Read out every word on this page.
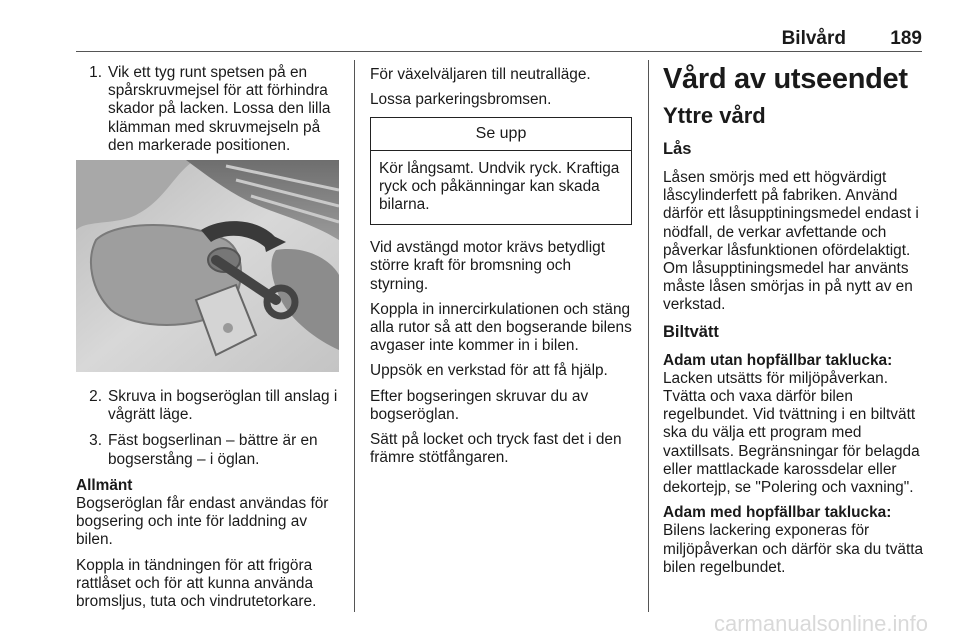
Bilvård	189
1. Vik ett tyg runt spetsen på en spårskruvmejsel för att förhindra skador på lacken. Lossa den lilla klämman med skruvmejseln på den markerade positionen.
2. Skruva in bogseröglan till anslag i vågrätt läge.
3. Fäst bogserlinan – bättre är en bogserstång – i öglan.

Allmänt
Bogseröglan får endast användas för bogsering och inte för laddning av bilen.

Koppla in tändningen för att frigöra rattlåset och för att kunna använda bromsljus, tuta och vindrutetorkare.

För växelväljaren till neutralläge.

Lossa parkeringsbromsen.

Se upp
Kör långsamt. Undvik ryck. Kraftiga ryck och påkänningar kan skada bilarna.

Vid avstängd motor krävs betydligt större kraft för bromsning och styrning.

Koppla in innercirkulationen och stäng alla rutor så att den bogserande bilens avgaser inte kommer in i bilen.

Uppsök en verkstad för att få hjälp.

Efter bogseringen skruvar du av bogseröglan.

Sätt på locket och tryck fast det i den främre stötfångaren.

Vård av utseendet
Yttre vård
Lås

Låsen smörjs med ett högvärdigt låscylinderfett på fabriken. Använd därför ett låsupptiningsmedel endast i nödfall, de verkar avfettande och påverkar låsfunktionen ofördelaktigt. Om låsupptiningsmedel har använts måste låsen smörjas in på nytt av en verkstad.

Biltvätt

Adam utan hopfällbar taklucka:
Lacken utsätts för miljöpåverkan. Tvätta och vaxa därför bilen regelbundet. Vid tvättning i en biltvätt ska du välja ett program med vaxtillsats. Begränsningar för belagda eller mattlackade karossdelar eller dekortejp, se "Polering och vaxning".

Adam med hopfällbar taklucka:
Bilens lackering exponeras för miljöpåverkan och därför ska du tvätta bilen regelbundet.

carmanualsonline.info
